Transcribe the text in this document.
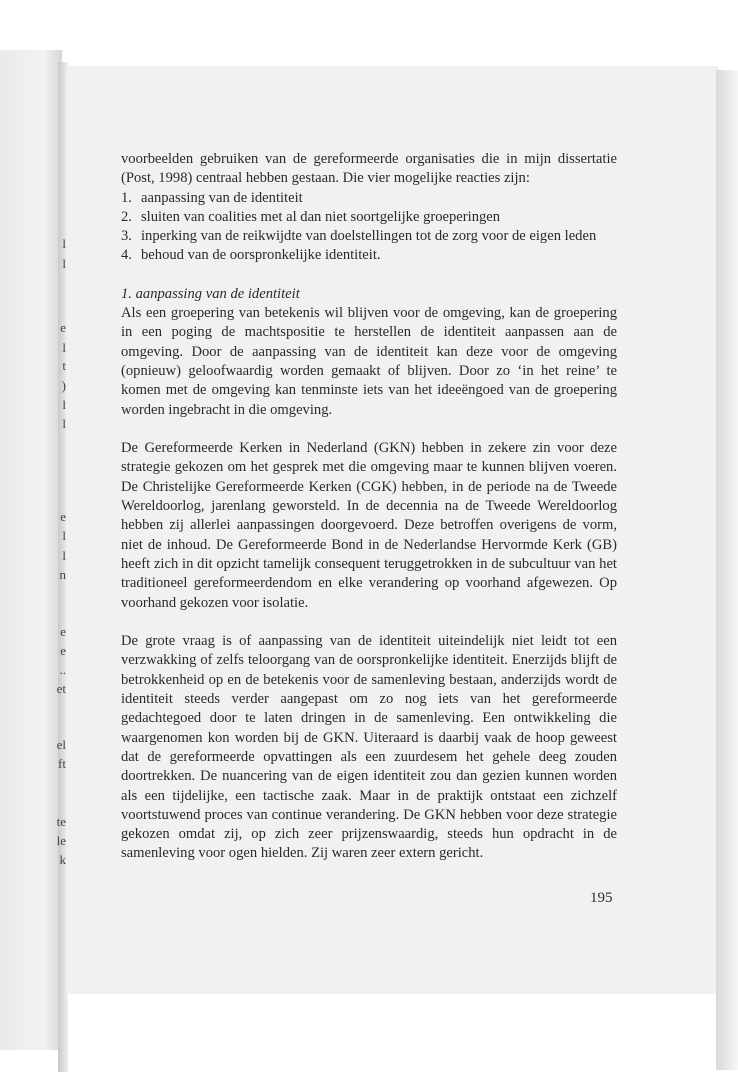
l
l
e
l
t
)
l
l
e
l
l
n
e
e
..
et
el
ft
te
le
k

voorbeelden gebruiken van de gereformeerde organisaties die in mijn dissertatie (Post, 1998) centraal hebben gestaan. Die vier mogelijke reacties zijn:

1. aanpassing van de identiteit
2. sluiten van coalities met al dan niet soortgelijke groeperingen
3. inperking van de reikwijdte van doelstellingen tot de zorg voor de eigen leden
4. behoud van de oorspronkelijke identiteit.

1. aanpassing van de identiteit

Als een groepering van betekenis wil blijven voor de omgeving, kan de groepering in een poging de machtspositie te herstellen de identiteit aanpassen aan de omgeving. Door de aanpassing van de identiteit kan deze voor de omgeving (opnieuw) geloofwaardig worden gemaakt of blijven. Door zo ‘in het reine’ te komen met de omgeving kan tenminste iets van het ideeëngoed van de groepering worden ingebracht in die omgeving.

De Gereformeerde Kerken in Nederland (GKN) hebben in zekere zin voor deze strategie gekozen om het gesprek met die omgeving maar te kunnen blijven voeren. De Christelijke Gereformeerde Kerken (CGK) hebben, in de periode na de Tweede Wereldoorlog, jarenlang geworsteld. In de decennia na de Tweede Wereldoorlog hebben zij allerlei aanpassingen doorgevoerd. Deze betroffen overigens de vorm, niet de inhoud. De Gereformeerde Bond in de Nederlandse Hervormde Kerk (GB) heeft zich in dit opzicht tamelijk consequent teruggetrokken in de subcultuur van het traditioneel gereformeerdendom en elke verandering op voorhand afgewezen. Op voorhand gekozen voor isolatie.

De grote vraag is of aanpassing van de identiteit uiteindelijk niet leidt tot een verzwakking of zelfs teloorgang van de oorspronkelijke identiteit. Enerzijds blijft de betrokkenheid op en de betekenis voor de samenleving bestaan, anderzijds wordt de identiteit steeds verder aangepast om zo nog iets van het gereformeerde gedachtegoed door te laten dringen in de samenleving. Een ontwikkeling die waargenomen kon worden bij de GKN. Uiteraard is daarbij vaak de hoop geweest dat de gereformeerde opvattingen als een zuurdesem het gehele deeg zouden doortrekken. De nuancering van de eigen identiteit zou dan gezien kunnen worden als een tijdelijke, een tactische zaak. Maar in de praktijk ontstaat een zichzelf voortstuwend proces van continue verandering. De GKN hebben voor deze strategie gekozen omdat zij, op zich zeer prijzenswaardig, steeds hun opdracht in de samenleving voor ogen hielden. Zij waren zeer extern gericht.

195
